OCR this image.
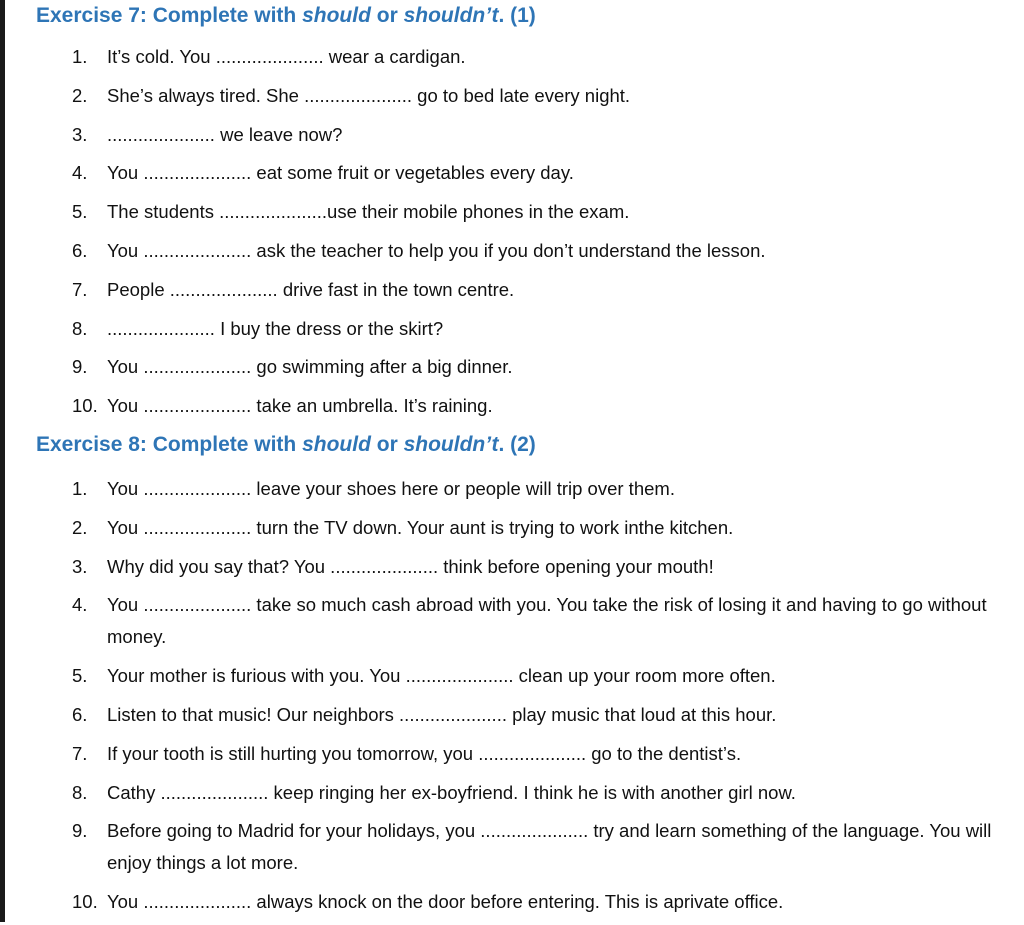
Exercise 7: Complete with should or shouldn’t. (1)
1. It’s cold. You ..................... wear a cardigan.
2. She’s always tired. She ..................... go to bed late every night.
3. ..................... we leave now?
4. You ..................... eat some fruit or vegetables every day.
5. The students .....................use their mobile phones in the exam.
6. You ..................... ask the teacher to help you if you don’t understand the lesson.
7. People ..................... drive fast in the town centre.
8. ..................... I buy the dress or the skirt?
9. You ..................... go swimming after a big dinner.
10. You ..................... take an umbrella. It’s raining.
Exercise 8: Complete with should or shouldn’t. (2)
1. You ..................... leave your shoes here or people will trip over them.
2. You ..................... turn the TV down. Your aunt is trying to work inthe kitchen.
3. Why did you say that? You ..................... think before opening your mouth!
4. You ..................... take so much cash abroad with you. You take the risk of losing it and having to go without money.
5. Your mother is furious with you. You ..................... clean up your room more often.
6. Listen to that music! Our neighbors ..................... play music that loud at this hour.
7. If your tooth is still hurting you tomorrow, you ..................... go to the dentist’s.
8. Cathy ..................... keep ringing her ex-boyfriend. I think he is with another girl now.
9. Before going to Madrid for your holidays, you ..................... try and learn something of the language. You will enjoy things a lot more.
10. You ..................... always knock on the door before entering. This is aprivate office.
